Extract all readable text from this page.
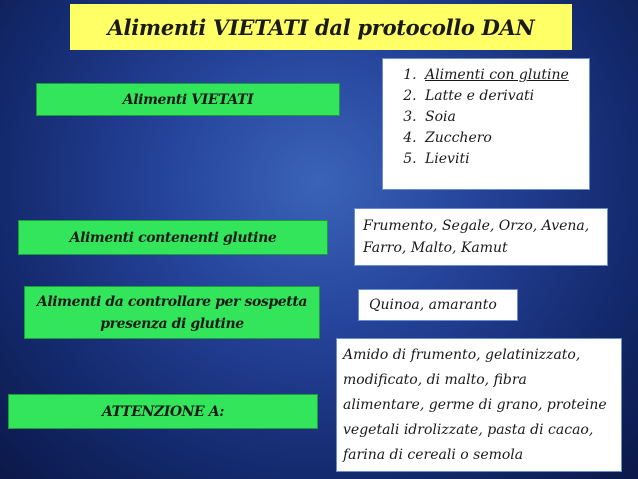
Alimenti VIETATI dal protocollo DAN
Alimenti VIETATI
1. Alimenti con glutine
2. Latte e derivati
3. Soia
4. Zucchero
5. Lieviti
Alimenti contenenti glutine
Frumento, Segale, Orzo, Avena,
Farro, Malto, Kamut
Alimenti da controllare per sospetta
presenza di glutine
Quinoa, amaranto
ATTENZIONE A:
Amido di frumento, gelatinizzato,
modificato, di malto, fibra
alimentare, germe di grano, proteine
vegetali idrolizzate, pasta di cacao,
farina di cereali o semola
